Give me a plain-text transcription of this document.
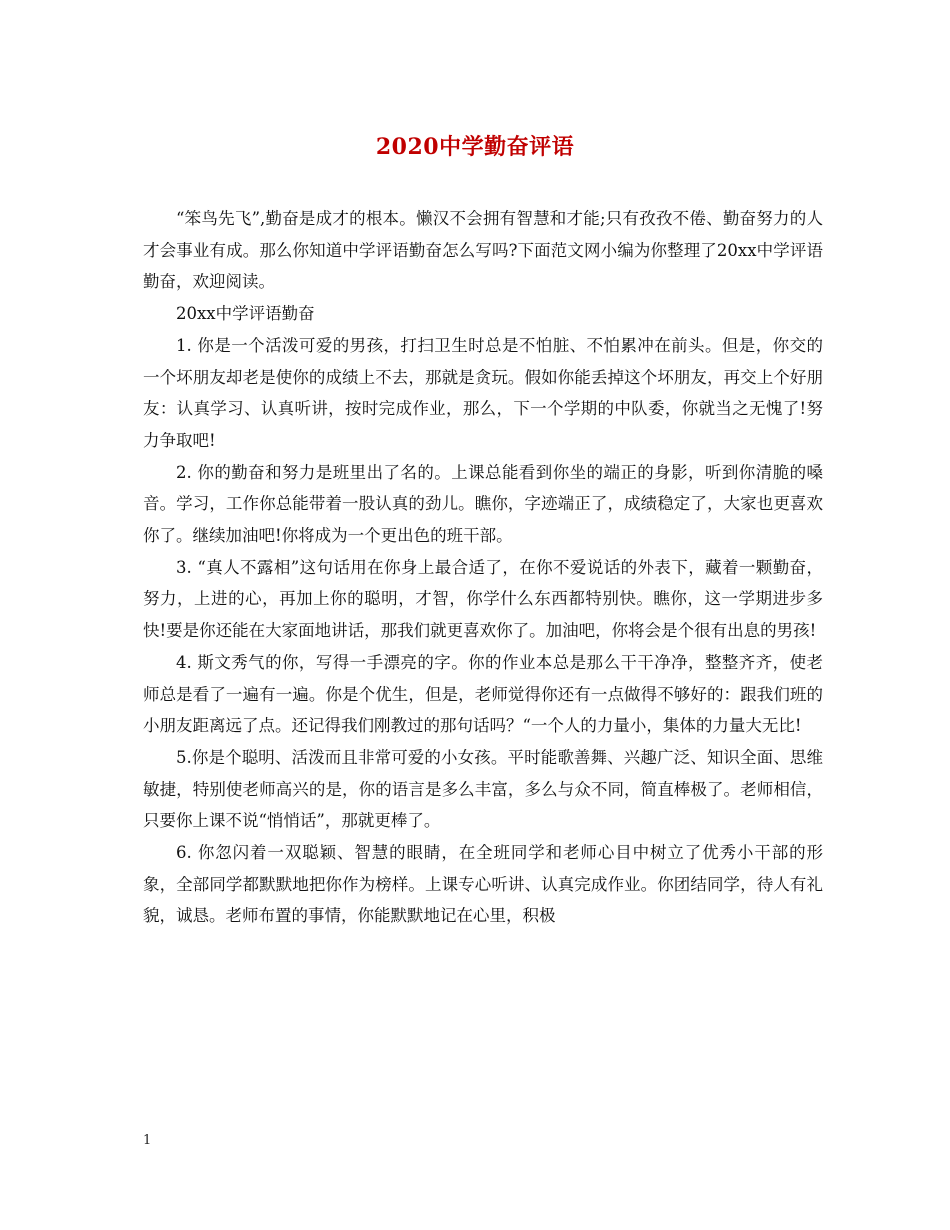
2020中学勤奋评语

“笨鸟先飞”,勤奋是成才的根本。懒汉不会拥有智慧和才能;只有孜孜不倦、勤奋努力的人才会事业有成。那么你知道中学评语勤奋怎么写吗?下面范文网小编为你整理了20xx中学评语勤奋，欢迎阅读。

20xx中学评语勤奋

1. 你是一个活泼可爱的男孩，打扫卫生时总是不怕脏、不怕累冲在前头。但是，你交的一个坏朋友却老是使你的成绩上不去，那就是贪玩。假如你能丢掉这个坏朋友，再交上个好朋友：认真学习、认真听讲，按时完成作业，那么，下一个学期的中队委，你就当之无愧了!努力争取吧!

2. 你的勤奋和努力是班里出了名的。上课总能看到你坐的端正的身影，听到你清脆的嗓音。学习，工作你总能带着一股认真的劲儿。瞧你，字迹端正了，成绩稳定了，大家也更喜欢你了。继续加油吧!你将成为一个更出色的班干部。

3. “真人不露相”这句话用在你身上最合适了，在你不爱说话的外表下，藏着一颗勤奋，努力，上进的心，再加上你的聪明，才智，你学什么东西都特别快。瞧你，这一学期进步多快!要是你还能在大家面地讲话，那我们就更喜欢你了。加油吧，你将会是个很有出息的男孩!

4. 斯文秀气的你，写得一手漂亮的字。你的作业本总是那么干干净净，整整齐齐，使老师总是看了一遍有一遍。你是个优生，但是，老师觉得你还有一点做得不够好的：跟我们班的小朋友距离远了点。还记得我们刚教过的那句话吗？“一个人的力量小，集体的力量大无比!

5.你是个聪明、活泼而且非常可爱的小女孩。平时能歌善舞、兴趣广泛、知识全面、思维敏捷，特别使老师高兴的是，你的语言是多么丰富，多么与众不同，简直棒极了。老师相信，只要你上课不说“悄悄话”，那就更棒了。

6. 你忽闪着一双聪颖、智慧的眼睛，在全班同学和老师心目中树立了优秀小干部的形象，全部同学都默默地把你作为榜样。上课专心听讲、认真完成作业。你团结同学，待人有礼貌，诚恳。老师布置的事情，你能默默地记在心里，积极

1
